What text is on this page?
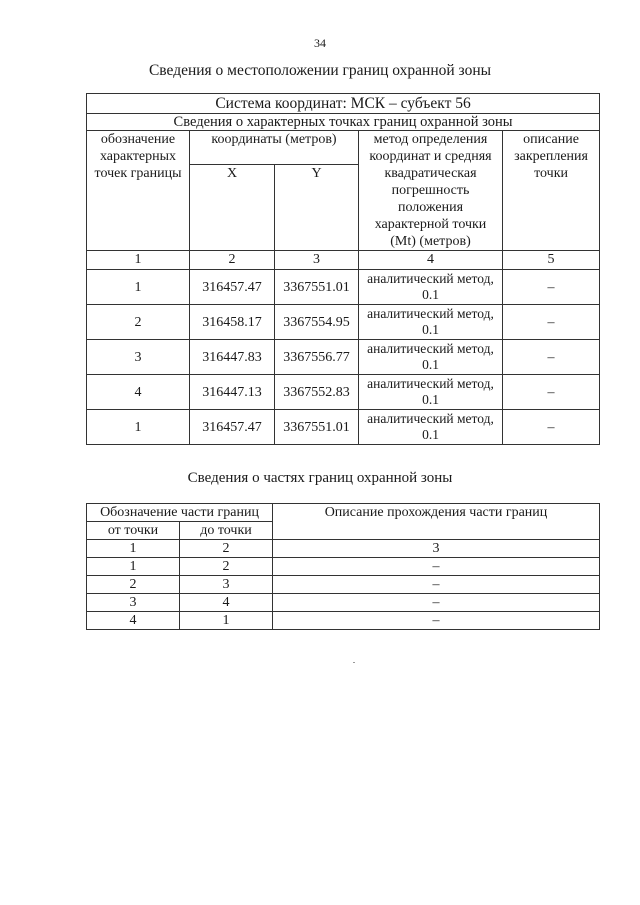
34
Сведения о местоположении границ охранной зоны
Система координат: МСК – субъект 56				
Сведения о характерных точках границ охранной зоны				
обозначение характерных точек границы	координаты (метров)		метод определения координат и средняя квадратическая погрешность положения характерной точки (Mt) (метров)	описание закрепления точки
	X	Y		
1	2	3	4	5
1	316457.47	3367551.01	аналитический метод, 0.1	–
2	316458.17	3367554.95	аналитический метод, 0.1	–
3	316447.83	3367556.77	аналитический метод, 0.1	–
4	316447.13	3367552.83	аналитический метод, 0.1	–
1	316457.47	3367551.01	аналитический метод, 0.1	–
Сведения о частях границ охранной зоны
Обозначение части границ		Описание прохождения части границ
от точки	до точки	
1	2	3
1	2	–
2	3	–
3	4	–
4	1	–
